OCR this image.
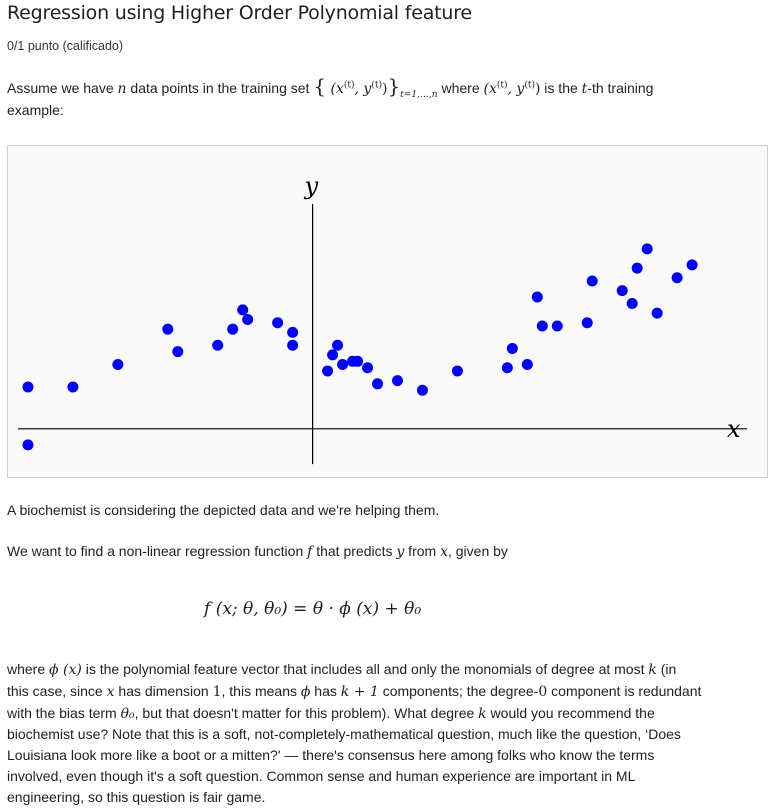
Regression using Higher Order Polynomial feature
0/1 punto (calificado)
Assume we have n data points in the training set { ($x^{(t)}$, $y^{(t)})\}_{t=1,\dots,n}$ where ($x^{(t)}$, $y^{(t)}$) is the t-th training
example:
x
y
A biochemist is considering the depicted data and we're helping them.
We want to find a non-linear regression function f that predicts y from x, given by
f (x; θ, θ₀) = θ · ϕ (x) + θ₀
where ϕ (x) is the polynomial feature vector that includes all and only the monomials of degree at most k (in
this case, since x has dimension 1, this means ϕ has k + 1 components; the degree-0 component is redundant
with the bias term θ₀, but that doesn't matter for this problem). What degree k would you recommend the
biochemist use? Note that this is a soft, not-completely-mathematical question, much like the question, ‘Does
Louisiana look more like a boot or a mitten?' — there's consensus here among folks who know the terms
involved, even though it's a soft question. Common sense and human experience are important in ML
engineering, so this question is fair game.
